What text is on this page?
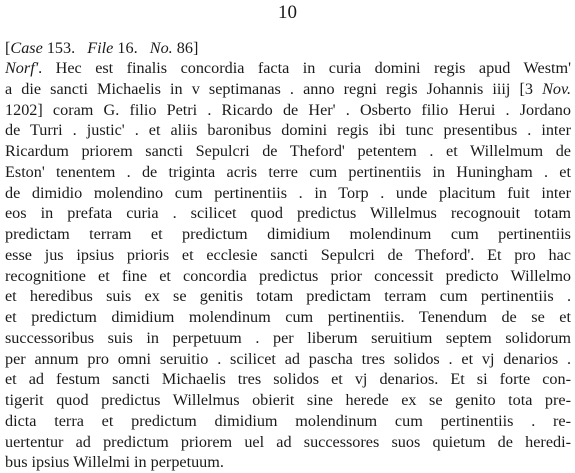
10
[Case 153. File 16. No. 86]
Norf'. Hec est finalis concordia facta in curia domini regis apud Westm'
a die sancti Michaelis in v septimanas . anno regni regis Johannis iiij [3 Nov.
1202] coram G. filio Petri . Ricardo de Her' . Osberto filio Herui . Jordano
de Turri . justic' . et aliis baronibus domini regis ibi tunc presentibus . inter
Ricardum priorem sancti Sepulcri de Theford' petentem . et Willelmum de
Eston' tenentem . de triginta acris terre cum pertinentiis in Huningham . et
de dimidio molendino cum pertinentiis . in Torp . unde placitum fuit inter
eos in prefata curia . scilicet quod predictus Willelmus recognouit totam
predictam terram et predictum dimidium molendinum cum pertinentiis
esse jus ipsius prioris et ecclesie sancti Sepulcri de Theford'. Et pro hac
recognitione et fine et concordia predictus prior concessit predicto Willelmo
et heredibus suis ex se genitis totam predictam terram cum pertinentiis .
et predictum dimidium molendinum cum pertinentiis. Tenendum de se et
successoribus suis in perpetuum . per liberum seruitium septem solidorum
per annum pro omni seruitio . scilicet ad pascha tres solidos . et vj denarios .
et ad festum sancti Michaelis tres solidos et vj denarios. Et si forte con-
tigerit quod predictus Willelmus obierit sine herede ex se genito tota pre-
dicta terra et predictum dimidium molendinum cum pertinentiis . re-
uertentur ad predictum priorem uel ad successores suos quietum de heredi-
bus ipsius Willelmi in perpetuum.
